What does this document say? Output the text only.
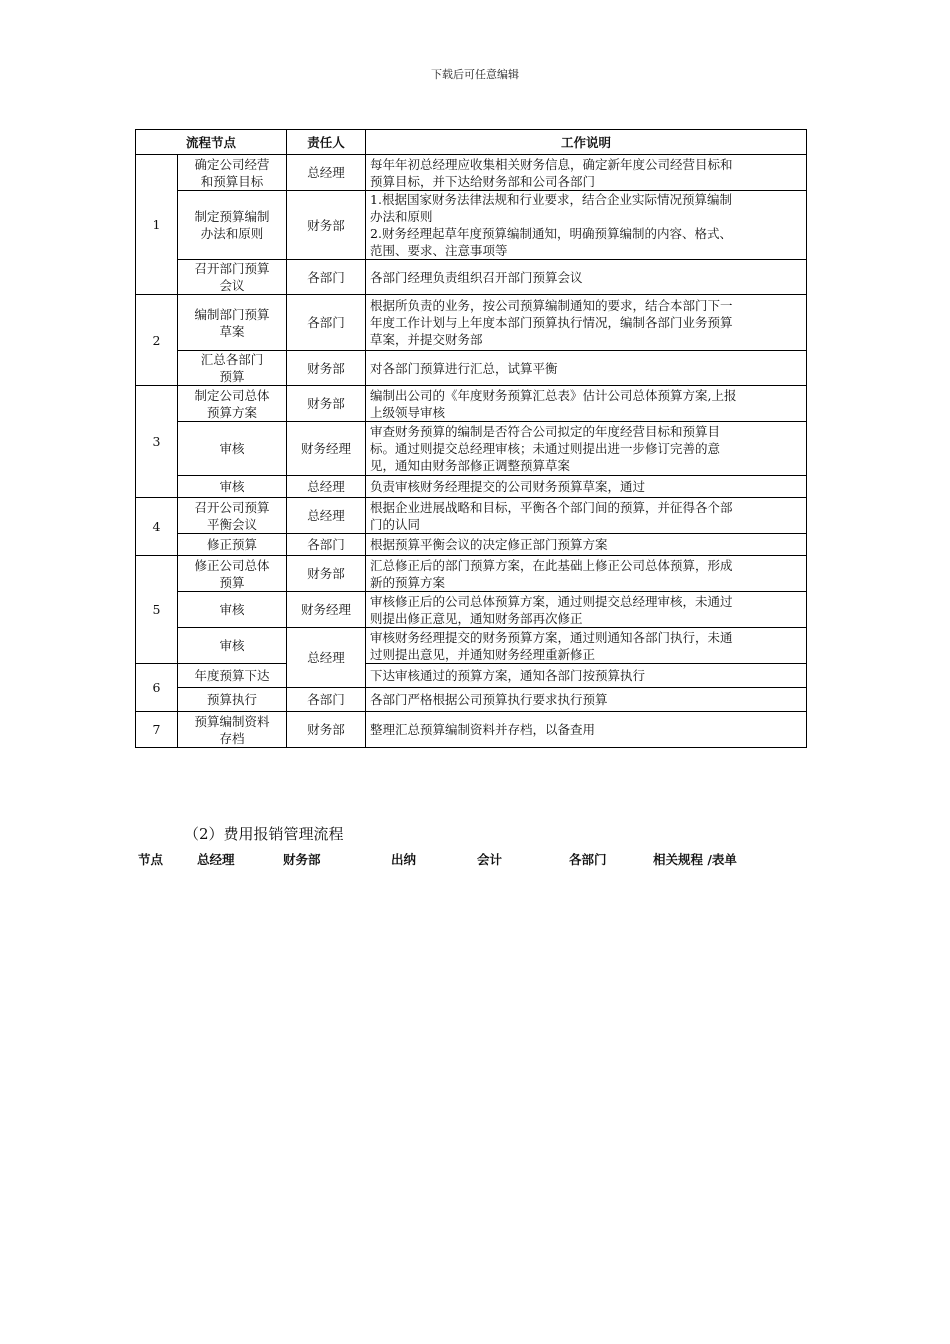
下载后可任意编辑
流程节点		责任人	工作说明
1	确定公司经营
和预算目标	总经理	每年年初总经理应收集相关财务信息，确定新年度公司经营目标和
预算目标，并下达给财务部和公司各部门

	制定预算编制
办法和原则	财务部	1.根据国家财务法律法规和行业要求，结合企业实际情况预算编制
办法和原则
2.财务经理起草年度预算编制通知，明确预算编制的内容、格式、
范围、要求、注意事项等

	召开部门预算
会议	各部门	各部门经理负责组织召开部门预算会议

2	编制部门预算
草案	各部门	根据所负责的业务，按公司预算编制通知的要求，结合本部门下一
年度工作计划与上年度本部门预算执行情况，编制各部门业务预算
草案，并提交财务部

	汇总各部门
预算	财务部	对各部门预算进行汇总，试算平衡

3	制定公司总体
预算方案	财务部	编制出公司的《年度财务预算汇总表》估计公司总体预算方案,上报
上级领导审核

	审核	财务经理	审查财务预算的编制是否符合公司拟定的年度经营目标和预算目
标。通过则提交总经理审核；未通过则提出进一步修订完善的意
见，通知由财务部修正调整预算草案

	审核	总经理	负责审核财务经理提交的公司财务预算草案，通过

4	召开公司预算
平衡会议	总经理	根据企业进展战略和目标，平衡各个部门间的预算，并征得各个部
门的认同

	修正预算	各部门	根据预算平衡会议的决定修正部门预算方案

5	修正公司总体
预算	财务部	汇总修正后的部门预算方案，在此基础上修正公司总体预算，形成
新的预算方案

	审核	财务经理	审核修正后的公司总体预算方案，通过则提交总经理审核，未通过
则提出修正意见，通知财务部再次修正

	审核	总经理	审核财务经理提交的财务预算方案，通过则通知各部门执行，未通
过则提出意见，并通知财务经理重新修正

6	年度预算下达		下达审核通过的预算方案，通知各部门按预算执行

	预算执行	各部门	各部门严格根据公司预算执行要求执行预算

7	预算编制资料
存档	财务部	整理汇总预算编制资料并存档，以备查用
（2）费用报销管理流程
节点	总经理	财务部	出纳	会计	各部门	相关规程 /表单
